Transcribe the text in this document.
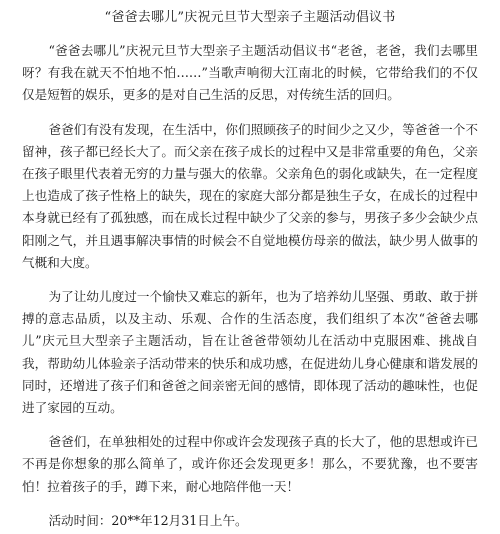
“爸爸去哪儿”庆祝元旦节大型亲子主题活动倡议书

“爸爸去哪儿”庆祝元旦节大型亲子主题活动倡议书“老爸，老爸，我们去哪里呀？有我在就天不怕地不怕……”当歌声响彻大江南北的时候，它带给我们的不仅仅是短暂的娱乐，更多的是对自己生活的反思，对传统生活的回归。

爸爸们有没有发现，在生活中，你们照顾孩子的时间少之又少，等爸爸一个不留神，孩子都已经长大了。而父亲在孩子成长的过程中又是非常重要的角色，父亲在孩子眼里代表着无穷的力量与强大的依靠。父亲角色的弱化或缺失，在一定程度上也造成了孩子性格上的缺失，现在的家庭大部分都是独生子女，在成长的过程中本身就已经有了孤独感，而在成长过程中缺少了父亲的参与，男孩子多少会缺少点阳刚之气，并且遇事解决事情的时候会不自觉地模仿母亲的做法，缺少男人做事的气概和大度。

为了让幼儿度过一个愉快又难忘的新年，也为了培养幼儿坚强、勇敢、敢于拼搏的意志品质，以及主动、乐观、合作的生活态度，我们组织了本次“爸爸去哪儿”庆元旦大型亲子主题活动，旨在让爸爸带领幼儿在活动中克服困难、挑战自我，帮助幼儿体验亲子活动带来的快乐和成功感，在促进幼儿身心健康和谐发展的同时，还增进了孩子们和爸爸之间亲密无间的感情，即体现了活动的趣味性，也促进了家园的互动。

爸爸们，在单独相处的过程中你或许会发现孩子真的长大了，他的思想或许已不再是你想象的那么简单了，或许你还会发现更多！那么，不要犹豫，也不要害怕！拉着孩子的手，蹲下来，耐心地陪伴他一天！

活动时间：20**年12月31日上午。
